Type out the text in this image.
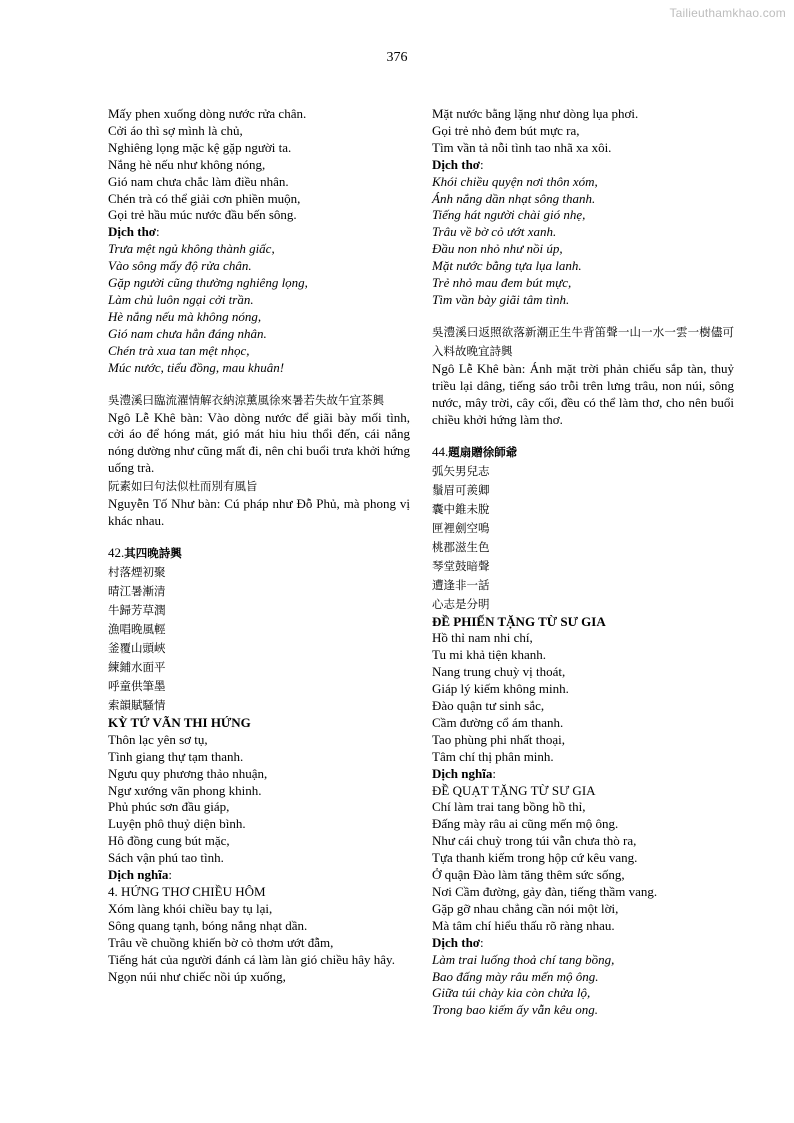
Tailieuthamkhao.com
376

Mấy phen xuống dòng nước rửa chân.

Cởi áo thì sợ mình là chủ,

Nghiêng lọng mặc kệ gặp người ta.

Nắng hè nếu như không nóng,

Gió nam chưa chắc làm điều nhân.

Chén trà có thể giải cơn phiền muộn,

Gọi trẻ hầu múc nước đầu bến sông.

Dịch thơ:

Trưa mệt ngủ không thành giấc,

Vào sông mấy độ rửa chân.

Gặp người cũng thường nghiêng lọng,

Làm chủ luôn ngại cởi trần.

Hè nắng nếu mà không nóng,

Gió nam chưa hẳn đáng nhân.

Chén trà xua tan mệt nhọc,

Múc nước, tiểu đồng, mau khuân!

吳澧溪曰臨流濯情解衣納涼薰風徐來暑若失故午宜茶興

Ngô Lễ Khê bàn: Vào dòng nước để giãi bày mối tình, cởi áo để hóng mát, gió mát hiu hiu thổi đến, cái nắng nóng dường như cũng mất đi, nên chi buổi trưa khởi hứng uống trà.

阮素如曰句法似杜而別有風旨

Nguyễn Tố Như bàn: Cú pháp như Đỗ Phủ, mà phong vị khác nhau.

42.其四晚詩興

村落煙初聚

晴江暑漸清

牛歸芳草潤

漁唱晚風輕

釜覆山頭峽

練鋪水面平

呼童供筆墨

索韻賦騷情

KỲ TỨ VÃN THI HỨNG

Thôn lạc yên sơ tụ,

Tình giang thự tạm thanh.

Ngưu quy phương thảo nhuận,

Ngư xướng vãn phong khinh.

Phủ phúc sơn đầu giáp,

Luyện phô thuỷ diện bình.

Hô đồng cung bút mặc,

Sách vận phú tao tình.

Dịch nghĩa:

4. HỨNG THƠ CHIỀU HÔM

Xóm làng khói chiều bay tụ lại,

Sông quang tạnh, bóng nắng nhạt dần.

Trâu về chuồng khiến bờ cỏ thơm ướt đẫm,

Tiếng hát của người đánh cá làm làn gió chiều hây hây.

Ngọn núi như chiếc nồi úp xuống,

Mặt nước bằng lặng như dòng lụa phơi.

Gọi trẻ nhỏ đem bút mực ra,

Tìm vần tả nỗi tình tao nhã xa xôi.

Dịch thơ:

Khói chiều quyện nơi thôn xóm,

Ánh nắng dần nhạt sông thanh.

Tiếng hát người chài gió nhẹ,

Trâu về bờ cỏ ướt xanh.

Đầu non nhỏ như nồi úp,

Mặt nước bằng tựa lụa lanh.

Trẻ nhỏ mau đem bút mực,

Tìm vần bày giãi tâm tình.

吳澧溪曰返照欲落新潮正生牛背笛聲一山一水一雲一樹儘可入料故晚宜詩興

Ngô Lễ Khê bàn: Ánh mặt trời phản chiếu sắp tàn, thuỷ triều lại dâng, tiếng sáo trỗi trên lưng trâu, non núi, sông nước, mây trời, cây cối, đều có thể làm thơ, cho nên buổi chiều khởi hứng làm thơ.

44.題扇贈徐師爺

弧矢男兒志

鬚眉可羨卿

囊中錐未脫

匣裡劍空鳴

桃郡滋生色

琴堂鼓暗聲

遭逢非一話

心志是分明

ĐỀ PHIẾN TẶNG TỪ SƯ GIA

Hồ thỉ nam nhi chí,

Tu mi khả tiện khanh.

Nang trung chuỳ vị thoát,

Giáp lý kiếm không minh.

Đào quận tư sinh sắc,

Cầm đường cổ ám thanh.

Tao phùng phi nhất thoại,

Tâm chí thị phân minh.

Dịch nghĩa:

ĐỀ QUẠT TẶNG TỪ SƯ GIA

Chí làm trai tang bồng hồ thỉ,

Đấng mày râu ai cũng mến mộ ông.

Như cái chuỳ trong túi vẫn chưa thò ra,

Tựa thanh kiếm trong hộp cứ kêu vang.

Ở quận Đào làm tăng thêm sức sống,

Nơi Cầm đường, gảy đàn, tiếng thầm vang.

Gặp gỡ nhau chẳng cần nói một lời,

Mà tâm chí hiểu thấu rõ ràng nhau.

Dịch thơ:

Làm trai luống thoả chí tang bồng,

Bao đấng mày râu mến mộ ông.

Giữa túi chày kia còn chửa lộ,

Trong bao kiếm ấy vẫn kêu ong.
